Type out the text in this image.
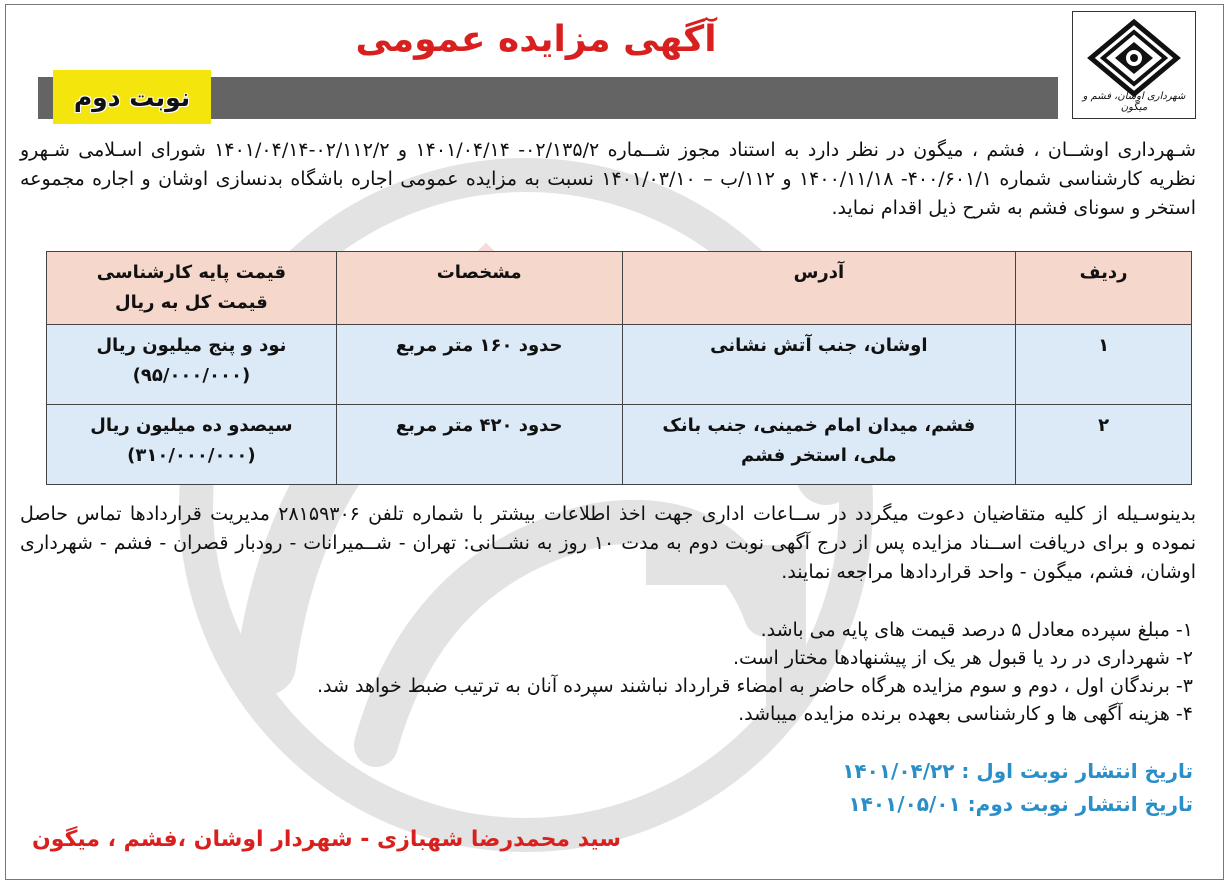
شهرداری اوشان، فشم و میگون
آگهی مزایده عمومی
نوبت دوم
شـهرداری اوشــان ، فشم ، میگون در نظر دارد به استناد مجوز شــماره ۰۲/۱۳۵/۲- ۱۴۰۱/۰۴/۱۴ و ۰۲/۱۱۲/۲-۱۴۰۱/۰۴/۱۴ شورای اسـلامی شـهرو نظریه کارشناسی شماره ۴۰۰/۶۰۱/۱- ۱۴۰۰/۱۱/۱۸ و ۱۱۲/ب – ۱۴۰۱/۰۳/۱۰ نسبت به مزایده عمومی اجاره باشگاه بدنسازی اوشان و اجاره مجموعه استخر و سونای فشم به شرح ذیل اقدام نماید.
ردیف	آدرس	مشخصات	قیمت پایه کارشناسی
قیمت کل به ریال

۱	اوشان، جنب آتش نشانی	حدود ۱۶۰ متر مربع	نود و پنج میلیون ریال
(۹۵/۰۰۰/۰۰۰)

۲	فشم، میدان امام خمینی، جنب بانک
ملی، استخر فشم	حدود ۴۲۰ متر مربع	سیصدو ده میلیون ریال
(۳۱۰/۰۰۰/۰۰۰)
بدینوسـیله از کلیه متقاضیان دعوت میگردد در ســاعات اداری جهت اخذ اطلاعات بیشتر با شماره تلفن ۲۸۱۵۹۳۰۶ مدیریت قراردادها تماس حاصل نموده و برای دریافت اســناد مزایده پس از درج آگهی نوبت دوم به مدت ۱۰ روز به نشــانی: تهران - شــمیرانات - رودبار قصران - فشم - شهرداری اوشان، فشم، میگون - واحد قراردادها مراجعه نمایند.
۱- مبلغ سپرده معادل ۵ درصد قیمت های پایه می باشد.
۲- شهرداری در رد یا قبول هر یک از پیشنهادها مختار است.
۳- برندگان اول ، دوم و سوم مزایده هرگاه حاضر به امضاء قرارداد نباشند سپرده آنان به ترتیب ضبط خواهد شد.
۴- هزینه آگهی ها و کارشناسی بعهده برنده مزایده میباشد.
تاریخ انتشار نوبت اول : ۱۴۰۱/۰۴/۲۲
تاریخ انتشار نوبت دوم: ۱۴۰۱/۰۵/۰۱
سید محمدرضا شهبازی - شهردار اوشان ،فشم ، میگون
